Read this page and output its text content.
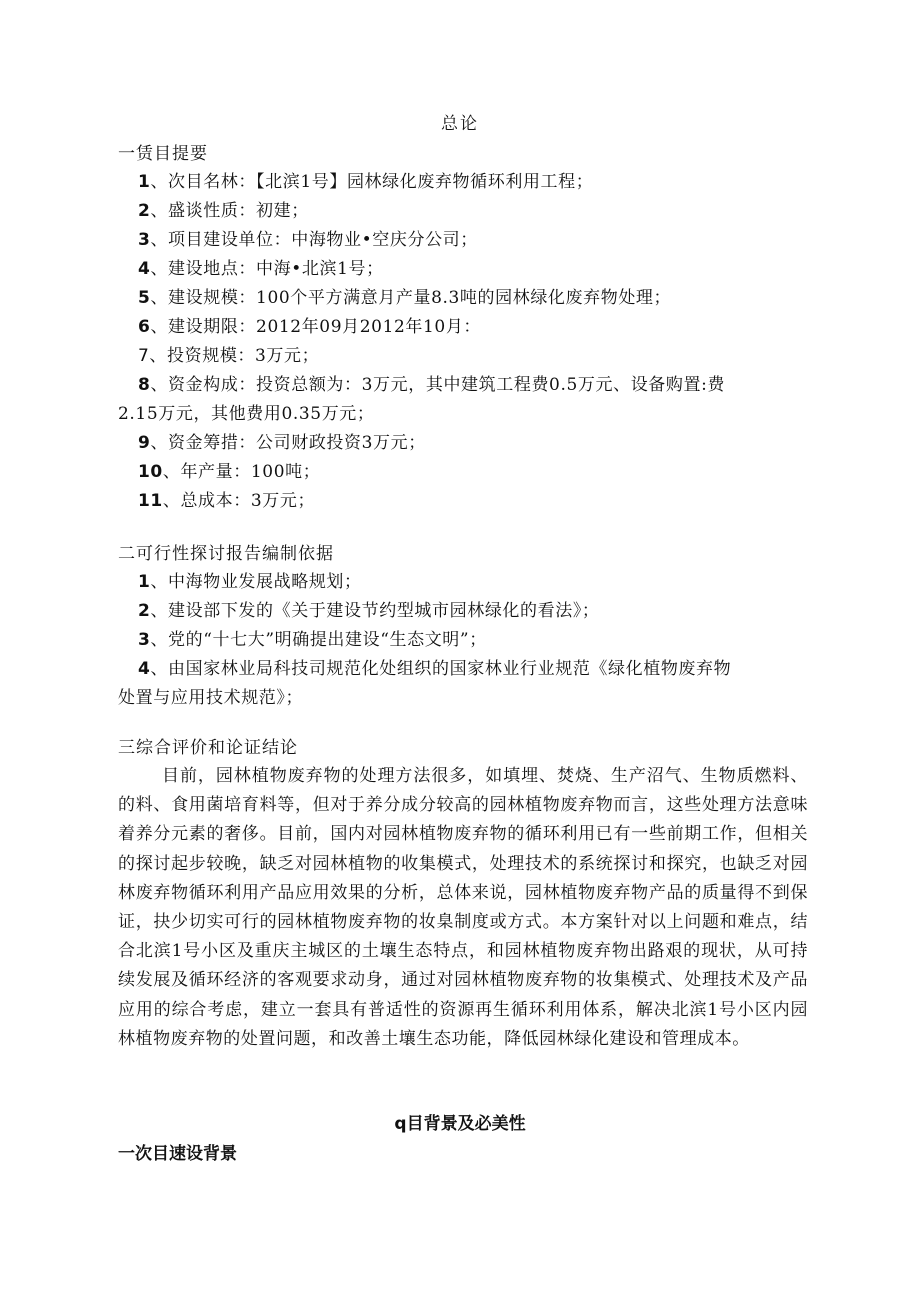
总论
一赁目提要
1、次目名林：【北滨1号】园林绿化废弃物循环利用工程；
2、盛谈性质：初建；
3、项目建设单位：中海物业•空庆分公司；
4、建设地点：中海•北滨1号；
5、建设规模：100个平方满意月产量8.3吨的园林绿化废弃物处理；
6、建设期限：2012年09月2012年10月：
7、投资规模：3万元；
8、资金构成：投资总额为：3万元，其中建筑工程费0.5万元、设备购置:费
2.15万元，其他费用0.35万元；
9、资金筹措：公司财政投资3万元；
10、年产量：100吨；
11、总成本：3万元；
二可行性探讨报告编制依据
1、中海物业发展战略规划；
2、建设部下发的《关于建设节约型城市园林绿化的看法》；
3、党的“十七大”明确提出建设“生态文明”；
4、由国家林业局科技司规范化处组织的国家林业行业规范《绿化植物废弃物
处置与应用技术规范》；
三综合评价和论证结论
目前，园林植物废弃物的处理方法很多，如填埋、焚烧、生产沼气、生物质燃料、的料、食用菌培育料等，但对于养分成分较高的园林植物废弃物而言，这些处理方法意味着养分元素的奢侈。目前，国内对园林植物废弃物的循环利用已有一些前期工作，但相关的探讨起步较晚，缺乏对园林植物的收集模式，处理技术的系统探讨和探究，也缺乏对园林废弃物循环利用产品应用效果的分析，总体来说，园林植物废弃物产品的质量得不到保证，抉少切实可行的园林植物废弃物的妆臬制度或方式。本方案针对以上问题和难点，结合北滨1号小区及重庆主城区的土壤生态特点，和园林植物废弃物出路艰的现状，从可持续发展及循环经济的客观要求动身，通过对园林植物废弃物的妆集模式、处理技术及产品应用的综合考虑，建立一套具有普适性的资源再生循环利用体系，解决北滨1号小区内园林植物废弃物的处置问题，和改善土壤生态功能，降低园林绿化建设和管理成本。
q目背景及必美性
一次目速设背景
